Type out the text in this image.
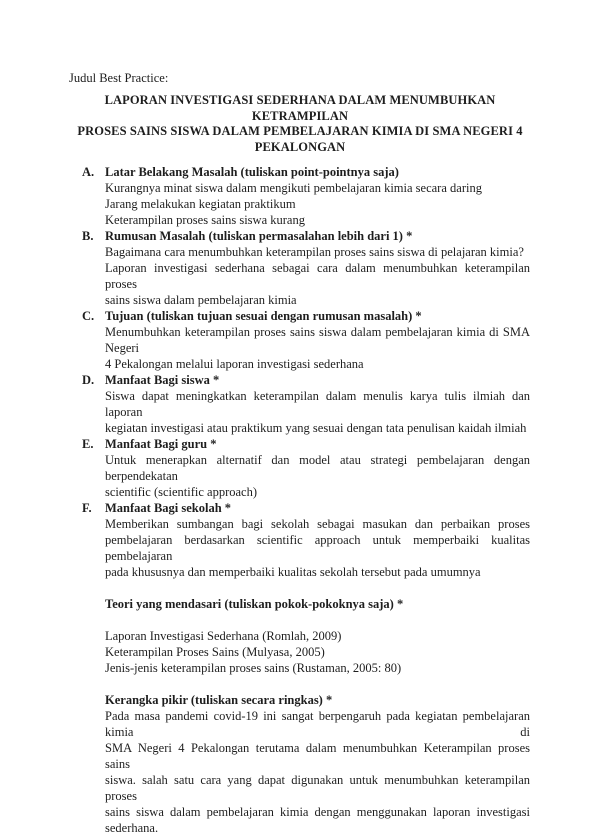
Judul Best Practice:
LAPORAN INVESTIGASI SEDERHANA DALAM MENUMBUHKAN KETRAMPILAN
PROSES SAINS SISWA DALAM PEMBELAJARAN KIMIA DI SMA NEGERI 4
PEKALONGAN
A. Latar Belakang Masalah (tuliskan point-pointnya saja)
Kurangnya minat siswa dalam mengikuti pembelajaran kimia secara daring
Jarang melakukan kegiatan praktikum
Keterampilan proses sains siswa kurang
B. Rumusan Masalah (tuliskan permasalahan lebih dari 1) *
Bagaimana cara menumbuhkan keterampilan proses sains siswa di pelajaran kimia?
Laporan investigasi sederhana sebagai cara dalam menumbuhkan keterampilan proses
sains siswa dalam pembelajaran kimia
C. Tujuan (tuliskan tujuan sesuai dengan rumusan masalah) *
Menumbuhkan keterampilan proses sains siswa dalam pembelajaran kimia di SMA Negeri
4 Pekalongan melalui laporan investigasi sederhana
D. Manfaat Bagi siswa *
Siswa dapat meningkatkan keterampilan dalam menulis karya tulis ilmiah dan laporan
kegiatan investigasi atau praktikum yang sesuai dengan tata penulisan kaidah ilmiah
E. Manfaat Bagi guru *
Untuk menerapkan alternatif dan model atau strategi pembelajaran dengan berpendekatan
scientific (scientific approach)
F. Manfaat Bagi sekolah *
Memberikan sumbangan bagi sekolah sebagai masukan dan perbaikan proses
pembelajaran berdasarkan scientific approach untuk memperbaiki kualitas pembelajaran
pada khususnya dan memperbaiki kualitas sekolah tersebut pada umumnya
Teori yang mendasari (tuliskan pokok-pokoknya saja) *
Laporan Investigasi Sederhana (Romlah, 2009)
Keterampilan Proses Sains (Mulyasa, 2005)
Jenis-jenis keterampilan proses sains (Rustaman, 2005: 80)
Kerangka pikir (tuliskan secara ringkas) *
Pada masa pandemi covid-19 ini sangat berpengaruh pada kegiatan pembelajaran kimia di
SMA Negeri 4 Pekalongan terutama dalam menumbuhkan Keterampilan proses sains
siswa. salah satu cara yang dapat digunakan untuk menumbuhkan keterampilan proses
sains siswa dalam pembelajaran kimia dengan menggunakan laporan investigasi
sederhana.
